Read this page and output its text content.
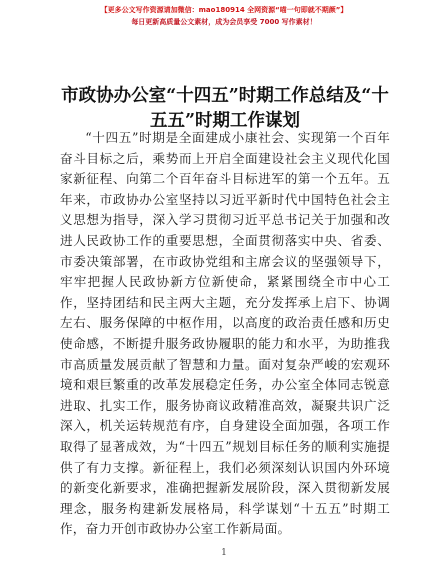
【更多公文写作资源请加微信：mao180914 全网资源“喵一句即就不期颜”】
每日更新高质量公文素材，成为会员享受 7000 写作素材！
市政协办公室“十四五”时期工作总结及“十五五”时期工作谋划

“十四五”时期是全面建成小康社会、实现第一个百年奋斗目标之后，乘势而上开启全面建设社会主义现代化国家新征程、向第二个百年奋斗目标进军的第一个五年。五年来，市政协办公室坚持以习近平新时代中国特色社会主义思想为指导，深入学习贯彻习近平总书记关于加强和改进人民政协工作的重要思想，全面贯彻落实中央、省委、市委决策部署，在市政协党组和主席会议的坚强领导下，牢牢把握人民政协新方位新使命，紧紧围绕全市中心工作，坚持团结和民主两大主题，充分发挥承上启下、协调左右、服务保障的中枢作用，以高度的政治责任感和历史使命感，不断提升服务政协履职的能力和水平，为助推我市高质量发展贡献了智慧和力量。面对复杂严峻的宏观环境和艰巨繁重的改革发展稳定任务，办公室全体同志锐意进取、扎实工作，服务协商议政精准高效，凝聚共识广泛深入，机关运转规范有序，自身建设全面加强，各项工作取得了显著成效，为“十四五”规划目标任务的顺利实施提供了有力支撑。新征程上，我们必须深刻认识国内外环境的新变化新要求，准确把握新发展阶段，深入贯彻新发展理念，服务构建新发展格局，科学谋划“十五五”时期工作，奋力开创市政协办公室工作新局面。

1
